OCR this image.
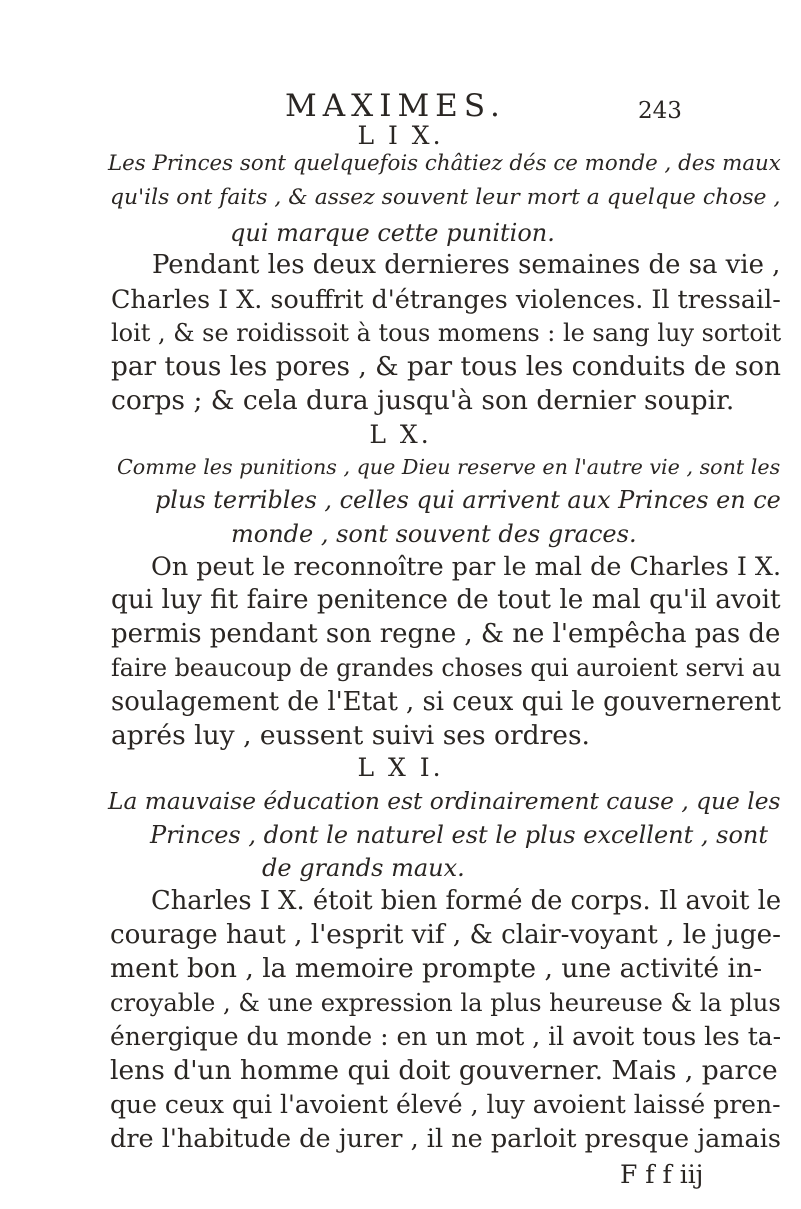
MAXIMES.	243
L I X.
Les Princes sont quelquefois châtiez dés ce monde , des maux
qu'ils ont faits , & assez souvent leur mort a quelque chose ,
qui marque cette punition.
Pendant les deux dernieres semaines de sa vie ,
Charles I X. souffrit d'étranges violences. Il tressail-
loit , & se roidissoit à tous momens : le sang luy sortoit
par tous les pores , & par tous les conduits de son
corps ; & cela dura jusqu'à son dernier soupir.
L X.
Comme les punitions , que Dieu reserve en l'autre vie , sont les
plus terribles , celles qui arrivent aux Princes en ce
monde , sont souvent des graces.
On peut le reconnoître par le mal de Charles I X.
qui luy fit faire penitence de tout le mal qu'il avoit
permis pendant son regne , & ne l'empêcha pas de
faire beaucoup de grandes choses qui auroient servi au
soulagement de l'Etat , si ceux qui le gouvernerent
aprés luy , eussent suivi ses ordres.
L X I.
La mauvaise éducation est ordinairement cause , que les
Princes , dont le naturel est le plus excellent , sont
de grands maux.
Charles I X. étoit bien formé de corps. Il avoit le
courage haut , l'esprit vif , & clair-voyant , le juge-
ment bon , la memoire prompte , une activité in-
croyable , & une expression la plus heureuse & la plus
énergique du monde : en un mot , il avoit tous les ta-
lens d'un homme qui doit gouverner. Mais , parce
que ceux qui l'avoient élevé , luy avoient laissé pren-
dre l'habitude de jurer , il ne parloit presque jamais
F f f iij
